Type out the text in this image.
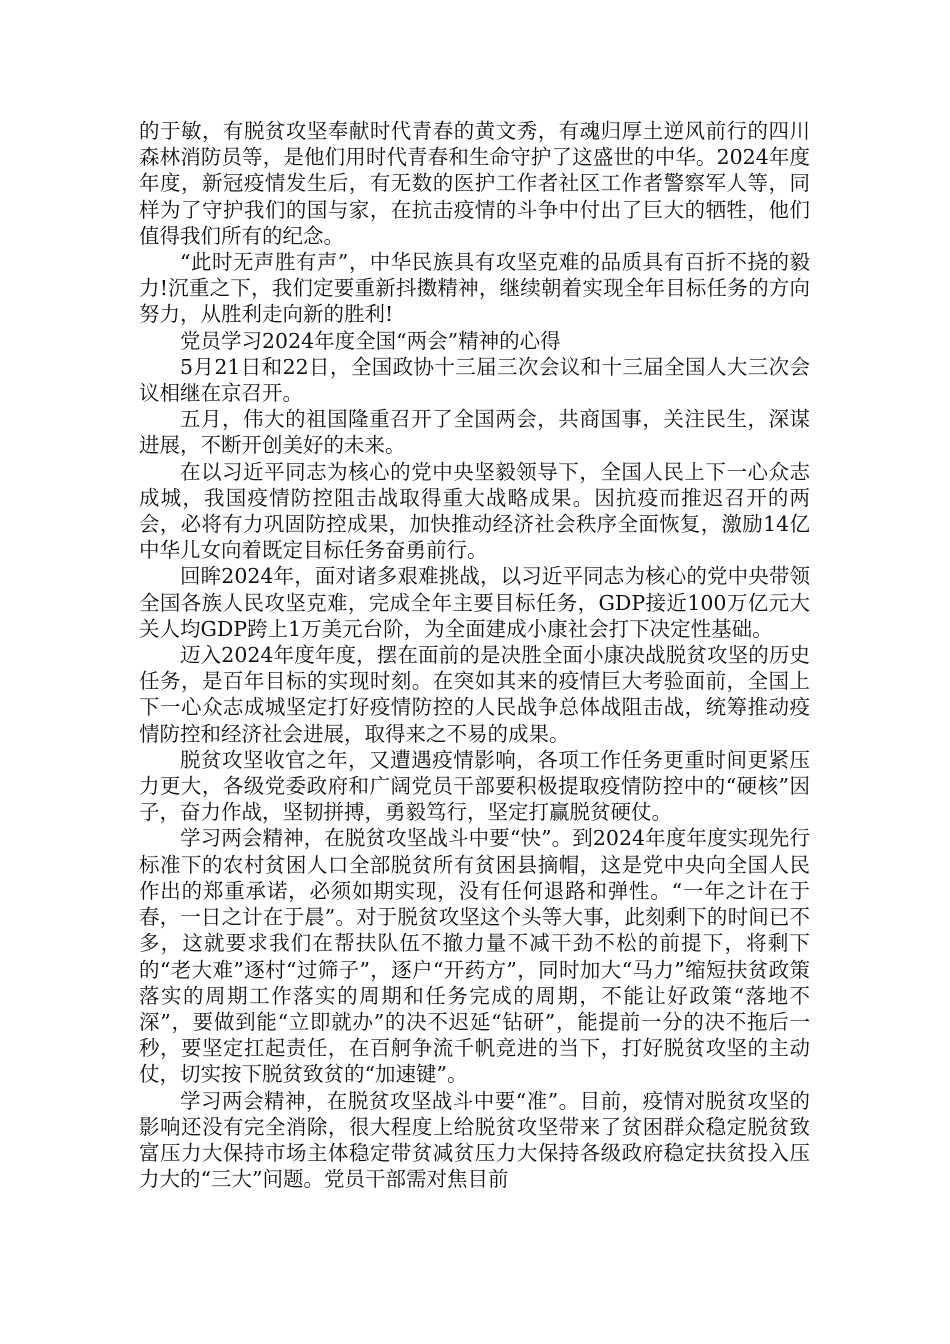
的于敏，有脱贫攻坚奉献时代青春的黄文秀，有魂归厚土逆风前行的四川森林消防员等，是他们用时代青春和生命守护了这盛世的中华。2024年度年度，新冠疫情发生后，有无数的医护工作者社区工作者警察军人等，同样为了守护我们的国与家，在抗击疫情的斗争中付出了巨大的牺牲，他们值得我们所有的纪念。

“此时无声胜有声”，中华民族具有攻坚克难的品质具有百折不挠的毅力!沉重之下，我们定要重新抖擞精神，继续朝着实现全年目标任务的方向努力，从胜利走向新的胜利!

党员学习2024年度全国“两会”精神的心得

5月21日和22日，全国政协十三届三次会议和十三届全国人大三次会议相继在京召开。

五月，伟大的祖国隆重召开了全国两会，共商国事，关注民生，深谋进展，不断开创美好的未来。

在以习近平同志为核心的党中央坚毅领导下，全国人民上下一心众志成城，我国疫情防控阻击战取得重大战略成果。因抗疫而推迟召开的两会，必将有力巩固防控成果，加快推动经济社会秩序全面恢复，激励14亿中华儿女向着既定目标任务奋勇前行。

回眸2024年，面对诸多艰难挑战，以习近平同志为核心的党中央带领全国各族人民攻坚克难，完成全年主要目标任务，GDP接近100万亿元大关人均GDP跨上1万美元台阶，为全面建成小康社会打下决定性基础。

迈入2024年度年度，摆在面前的是决胜全面小康决战脱贫攻坚的历史任务，是百年目标的实现时刻。在突如其来的疫情巨大考验面前，全国上下一心众志成城坚定打好疫情防控的人民战争总体战阻击战，统筹推动疫情防控和经济社会进展，取得来之不易的成果。

脱贫攻坚收官之年，又遭遇疫情影响，各项工作任务更重时间更紧压力更大，各级党委政府和广阔党员干部要积极提取疫情防控中的“硬核”因子，奋力作战，坚韧拼搏，勇毅笃行，坚定打赢脱贫硬仗。

学习两会精神，在脱贫攻坚战斗中要“快”。到2024年度年度实现先行标准下的农村贫困人口全部脱贫所有贫困县摘帽，这是党中央向全国人民作出的郑重承诺，必须如期实现，没有任何退路和弹性。“一年之计在于春，一日之计在于晨”。对于脱贫攻坚这个头等大事，此刻剩下的时间已不多，这就要求我们在帮扶队伍不撤力量不减干劲不松的前提下，将剩下的“老大难”逐村“过筛子”，逐户“开药方”，同时加大“马力”缩短扶贫政策落实的周期工作落实的周期和任务完成的周期，不能让好政策“落地不深”，要做到能“立即就办”的决不迟延“钻研”，能提前一分的决不拖后一秒，要坚定扛起责任，在百舸争流千帆竞进的当下，打好脱贫攻坚的主动仗，切实按下脱贫致贫的“加速键”。

学习两会精神，在脱贫攻坚战斗中要“准”。目前，疫情对脱贫攻坚的影响还没有完全消除，很大程度上给脱贫攻坚带来了贫困群众稳定脱贫致富压力大保持市场主体稳定带贫减贫压力大保持各级政府稳定扶贫投入压力大的“三大”问题。党员干部需对焦目前
